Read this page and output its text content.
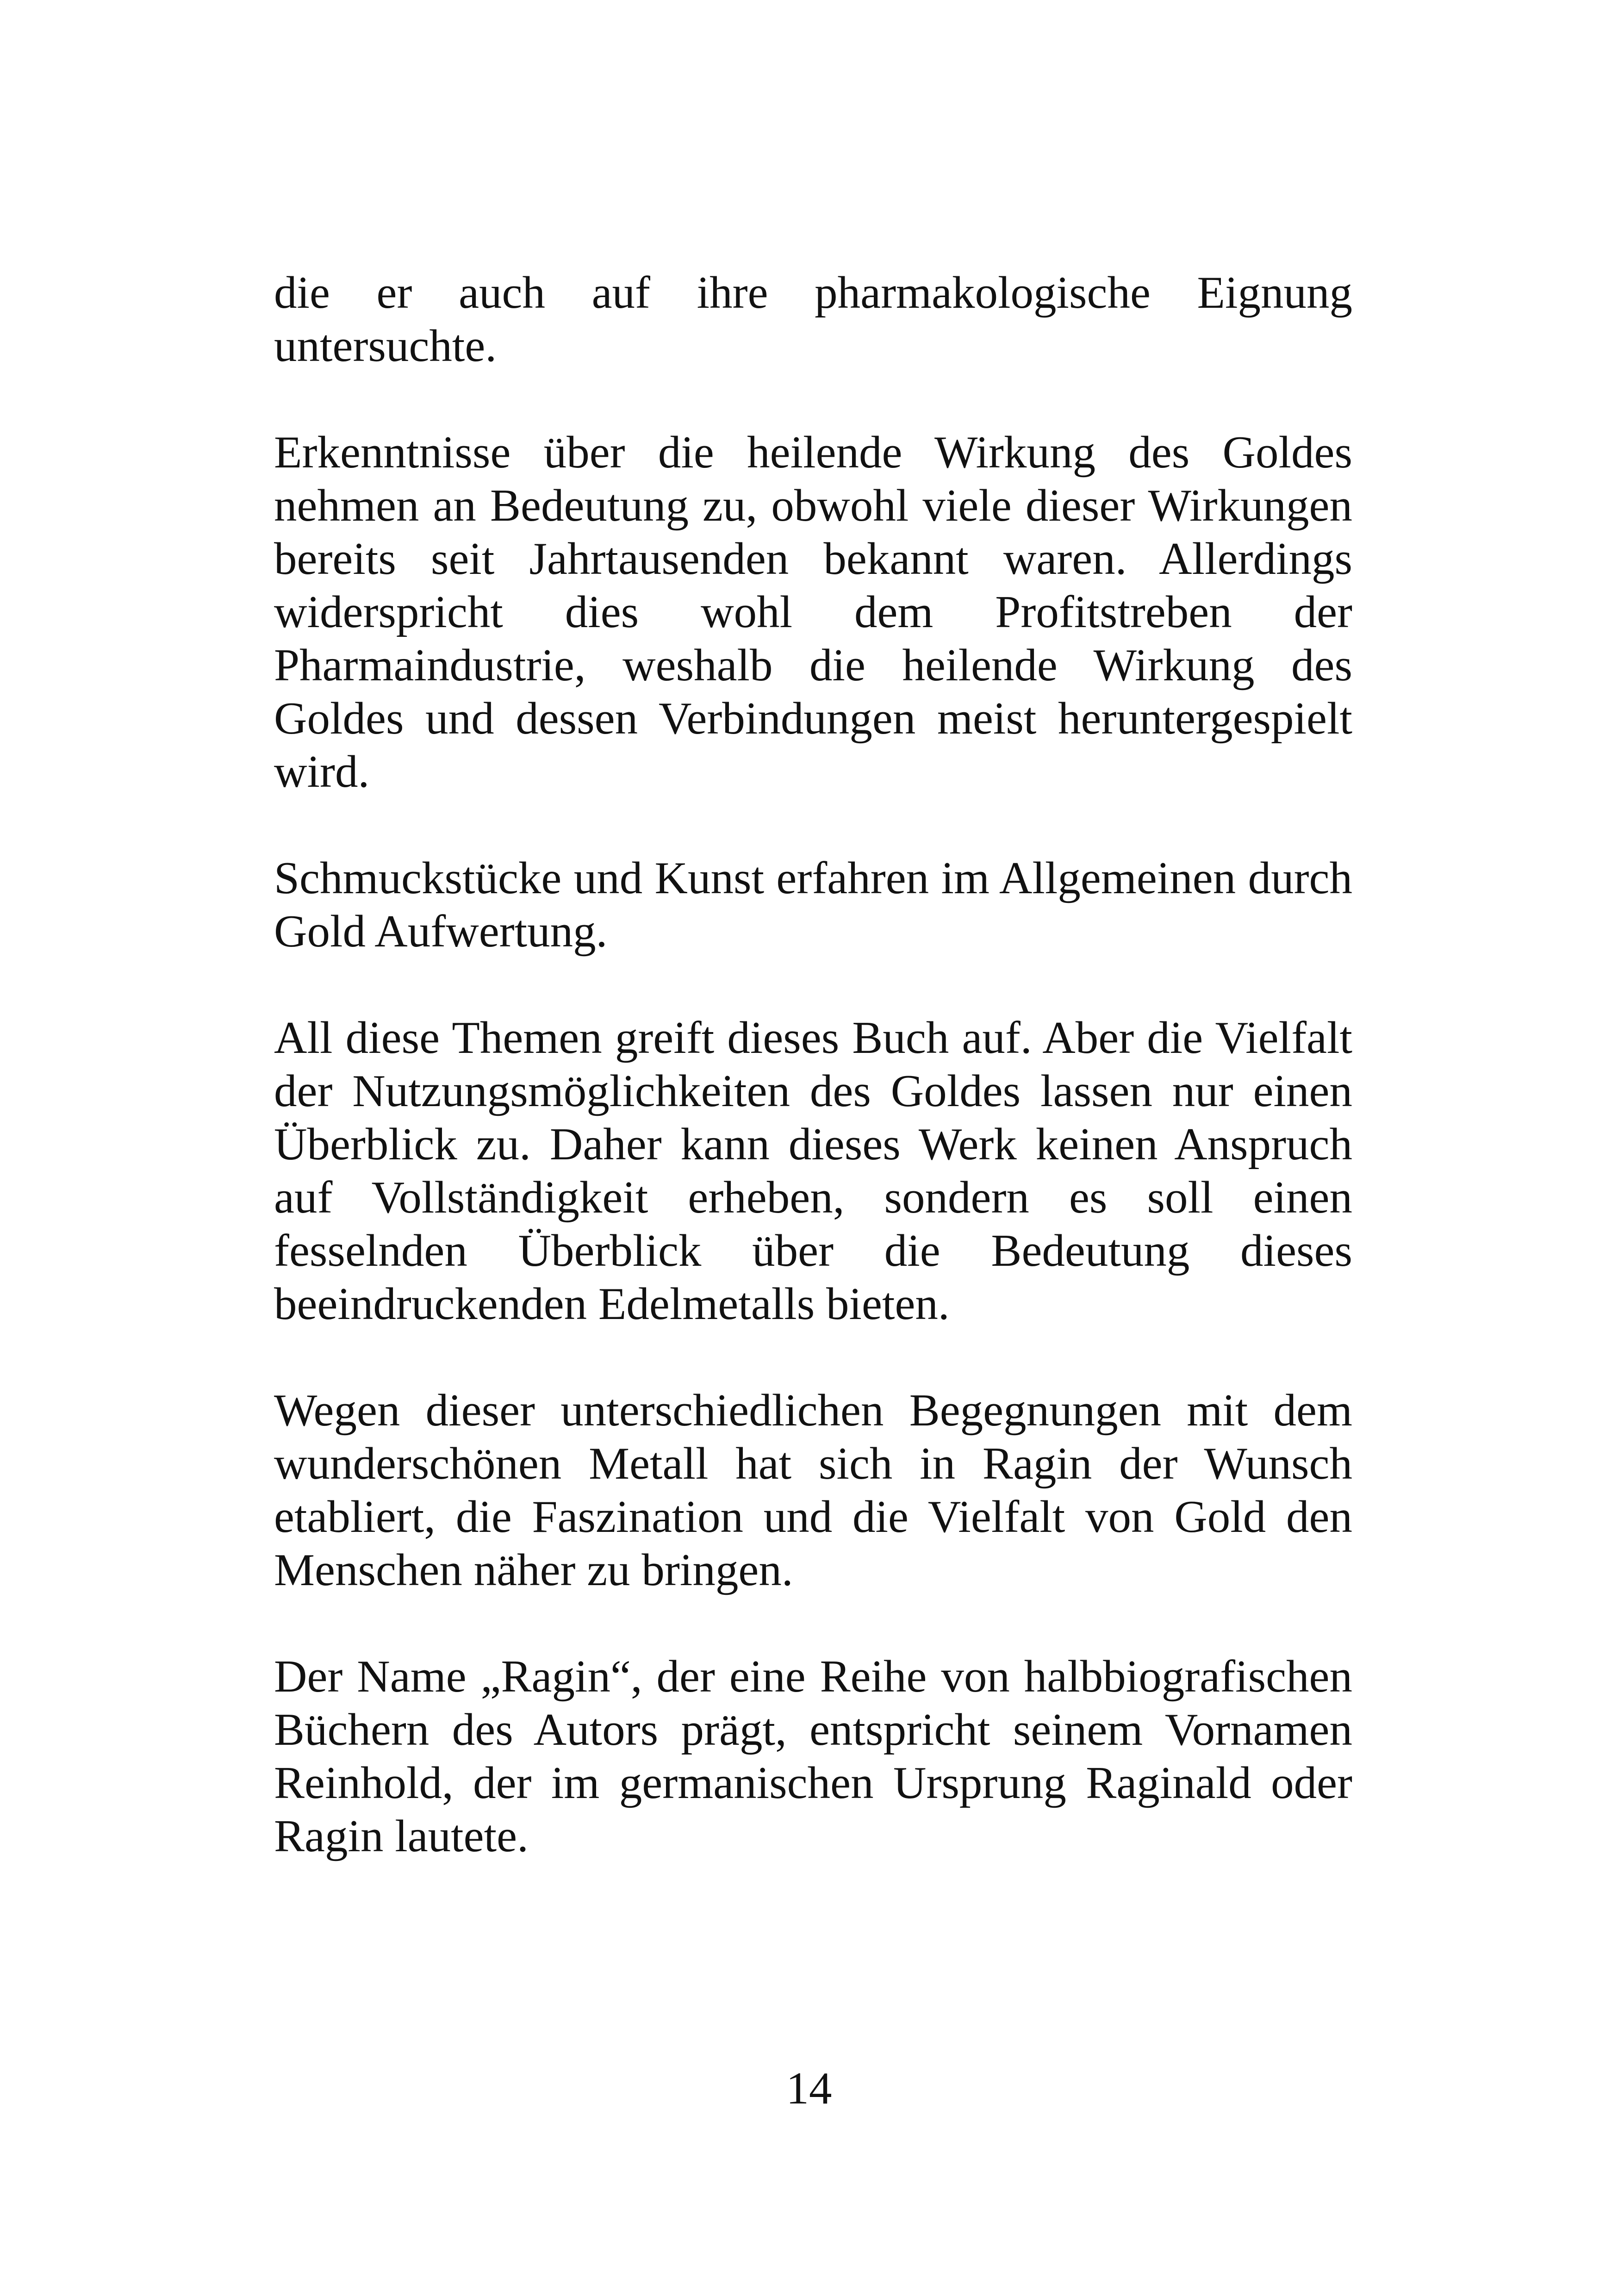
die er auch auf ihre pharmakologische Eignung untersuchte.

Erkenntnisse über die heilende Wirkung des Goldes nehmen an Bedeutung zu, obwohl viele dieser Wirkungen bereits seit Jahrtausenden bekannt waren. Allerdings widerspricht dies wohl dem Profitstreben der Pharmaindustrie, weshalb die heilende Wirkung des Goldes und dessen Verbindungen meist heruntergespielt wird.

Schmuckstücke und Kunst erfahren im Allgemeinen durch Gold Aufwertung.

All diese Themen greift dieses Buch auf. Aber die Vielfalt der Nutzungsmöglichkeiten des Goldes lassen nur einen Überblick zu. Daher kann dieses Werk keinen Anspruch auf Vollständigkeit erheben, sondern es soll einen fesselnden Überblick über die Bedeutung dieses beeindruckenden Edelmetalls bieten.

Wegen dieser unterschiedlichen Begegnungen mit dem wunderschönen Metall hat sich in Ragin der Wunsch etabliert, die Faszination und die Vielfalt von Gold den Menschen näher zu bringen.

Der Name „Ragin“, der eine Reihe von halbbiografischen Büchern des Autors prägt, entspricht seinem Vornamen Reinhold, der im germanischen Ursprung Raginald oder Ragin lautete.

14
